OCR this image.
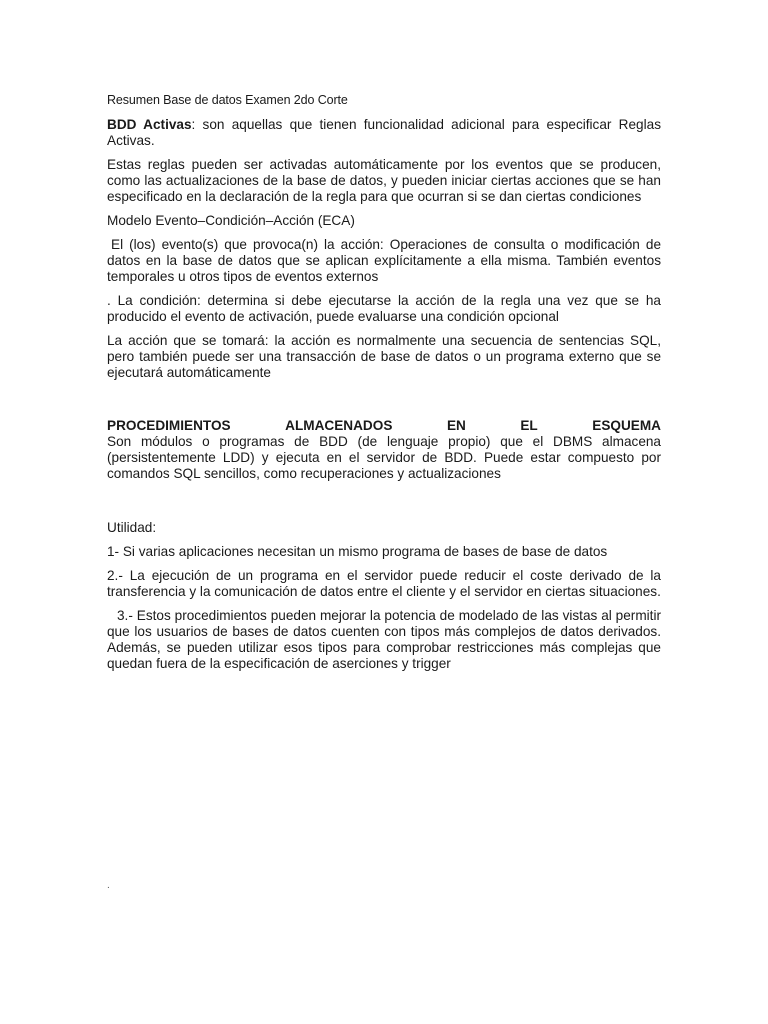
Resumen Base de datos Examen 2do Corte

BDD Activas: son aquellas que tienen funcionalidad adicional para especificar Reglas Activas.

Estas reglas pueden ser activadas automáticamente por los eventos que se producen, como las actualizaciones de la base de datos, y pueden iniciar ciertas acciones que se han especificado en la declaración de la regla para que ocurran si se dan ciertas condiciones

Modelo Evento–Condición–Acción (ECA)

El (los) evento(s) que provoca(n) la acción: Operaciones de consulta o modificación de datos en la base de datos que se aplican explícitamente a ella misma. También eventos temporales u otros tipos de eventos externos

. La condición: determina si debe ejecutarse la acción de la regla una vez que se ha producido el evento de activación, puede evaluarse una condición opcional

La acción que se tomará: la acción es normalmente una secuencia de sentencias SQL, pero también puede ser una transacción de base de datos o un programa externo que se ejecutará automáticamente

PROCEDIMIENTOS	ALMACENADOS	EN	EL	ESQUEMA

Son módulos o programas de BDD (de lenguaje propio) que el DBMS almacena (persistentemente LDD) y ejecuta en el servidor de BDD. Puede estar compuesto por comandos SQL sencillos, como recuperaciones y actualizaciones

Utilidad:

1- Si varias aplicaciones necesitan un mismo programa de bases de base de datos

2.- La ejecución de un programa en el servidor puede reducir el coste derivado de la transferencia y la comunicación de datos entre el cliente y el servidor en ciertas situaciones.

3.- Estos procedimientos pueden mejorar la potencia de modelado de las vistas al permitir que los usuarios de bases de datos cuenten con tipos más complejos de datos derivados. Además, se pueden utilizar esos tipos para comprobar restricciones más complejas que quedan fuera de la especificación de aserciones y trigger

.
